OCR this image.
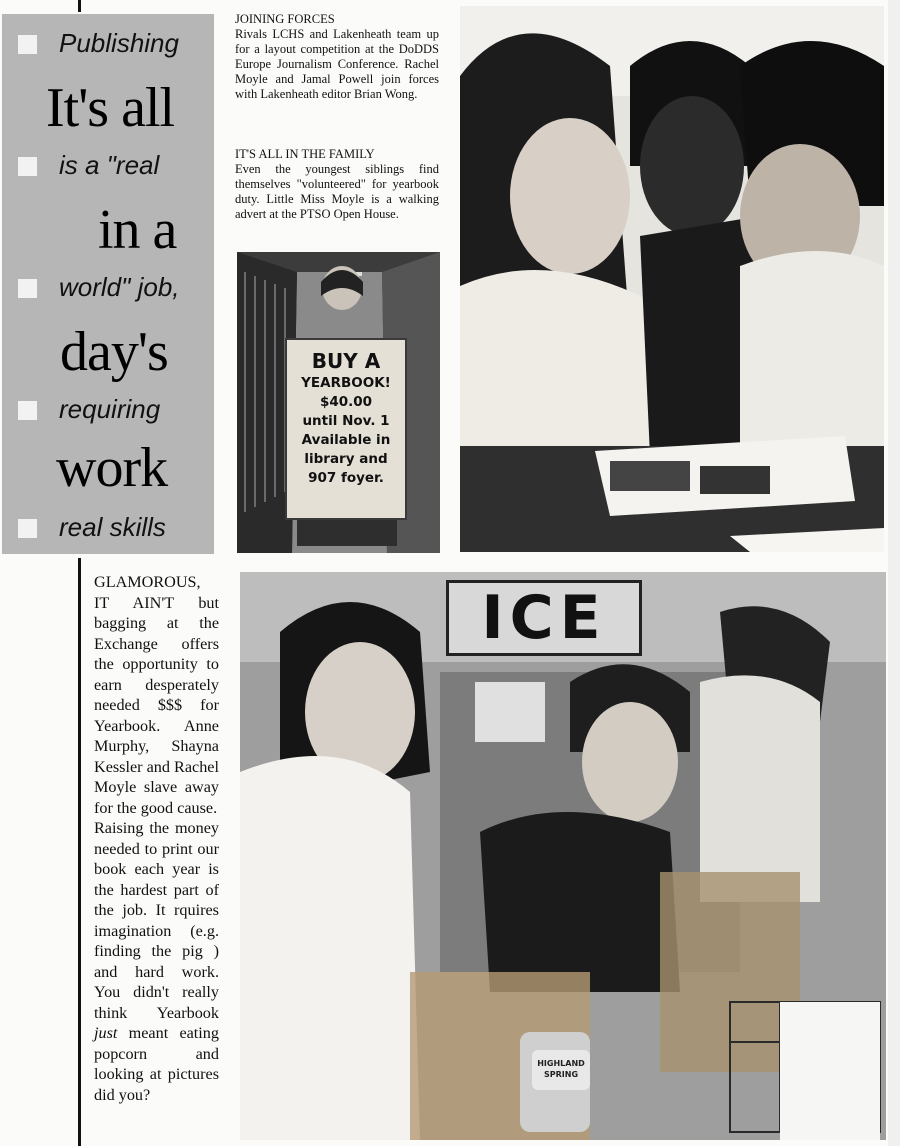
Publishing
It's all
is a "real
in a
world" job,
day's
requiring
work
real skills
JOINING FORCES

Rivals LCHS and Lakenheath team up for a layout competition at the DoDDS Europe Journalism Conference. Rachel Moyle and Jamal Powell join forces with Lakenheath editor Brian Wong.

IT'S ALL IN THE FAMILY

Even the youngest siblings find themselves "volunteered" for yearbook duty. Little Miss Moyle is a walking advert at the PTSO Open House.

BUY A
YEARBOOK!
$40.00
until Nov. 1
Available in
library and
907 foyer.
ICE
HIGHLAND SPRING

GLAMOROUS, IT AIN'T but bagging at the Exchange offers the opportunity to earn desperately needed $$$ for Yearbook. Anne Murphy, Shayna Kessler and Rachel Moyle slave away for the good cause.

Raising the money needed to print our book each year is the hardest part of the job. It rquires imagination (e.g. finding the pig ) and hard work. You didn't really think Yearbook just meant eating popcorn and looking at pictures did you?
